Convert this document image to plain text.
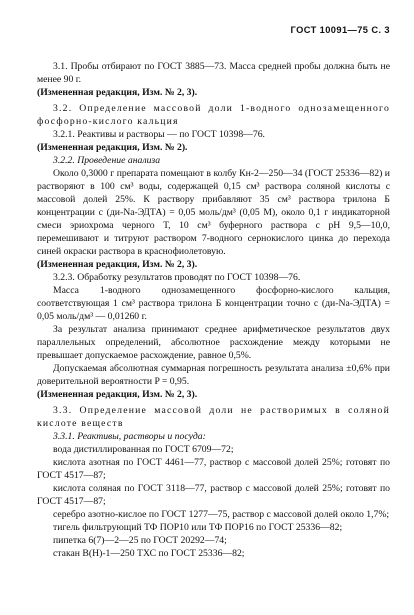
ГОСТ 10091—75 С. 3

3.1. Пробы отбирают по ГОСТ 3885—73. Масса средней пробы должна быть не менее 90 г.

(Измененная редакция, Изм. № 2, 3).

3.2. Определение массовой доли 1-водного однозамещенного фосфорно-кислого кальция

3.2.1. Реактивы и растворы — по ГОСТ 10398—76.

(Измененная редакция, Изм. № 2).

3.2.2. Проведение анализа

Около 0,3000 г препарата помещают в колбу Кн-2—250—34 (ГОСТ 25336—82) и растворяют в 100 см³ воды, содержащей 0,15 см³ раствора соляной кислоты с массовой долей 25%. К раствору прибавляют 35 см³ раствора трилона Б концентрации с (ди-Na-ЭДТА) = 0,05 моль/дм³ (0,05 М), около 0,1 г индикаторной смеси эриохрома черного Т, 10 см³ буферного раствора с pH 9,5—10,0, перемешивают и титруют раствором 7-водного сернокислого цинка до перехода синей окраски раствора в краснофиолетовую.

(Измененная редакция, Изм. № 2, 3).

3.2.3. Обработку результатов проводят по ГОСТ 10398—76.

Масса 1-водного однозамещенного фосфорно-кислого кальция, соответствующая 1 см³ раствора трилона Б концентрации точно с (ди-Na-ЭДТА) = 0,05 моль/дм³ — 0,01260 г.

За результат анализа принимают среднее арифметическое результатов двух параллельных определений, абсолютное расхождение между которыми не превышает допускаемое расхождение, равное 0,5%.

Допускаемая абсолютная суммарная погрешность результата анализа ±0,6% при доверительной вероятности P = 0,95.

(Измененная редакция, Изм. № 2, 3).

3.3. Определение массовой доли не растворимых в соляной кислоте веществ

3.3.1. Реактивы, растворы и посуда:

вода дистиллированная по ГОСТ 6709—72;

кислота азотная по ГОСТ 4461—77, раствор с массовой долей 25%; готовят по ГОСТ 4517—87;

кислота соляная по ГОСТ 3118—77, раствор с массовой долей 25%; готовят по ГОСТ 4517—87;

серебро азотно-кислое по ГОСТ 1277—75, раствор с массовой долей около 1,7%;

тигель фильтрующий ТФ ПОР10 или ТФ ПОР16 по ГОСТ 25336—82;

пипетка 6(7)—2—25 по ГОСТ 20292—74;

стакан В(Н)-1—250 ТХС по ГОСТ 25336—82;
